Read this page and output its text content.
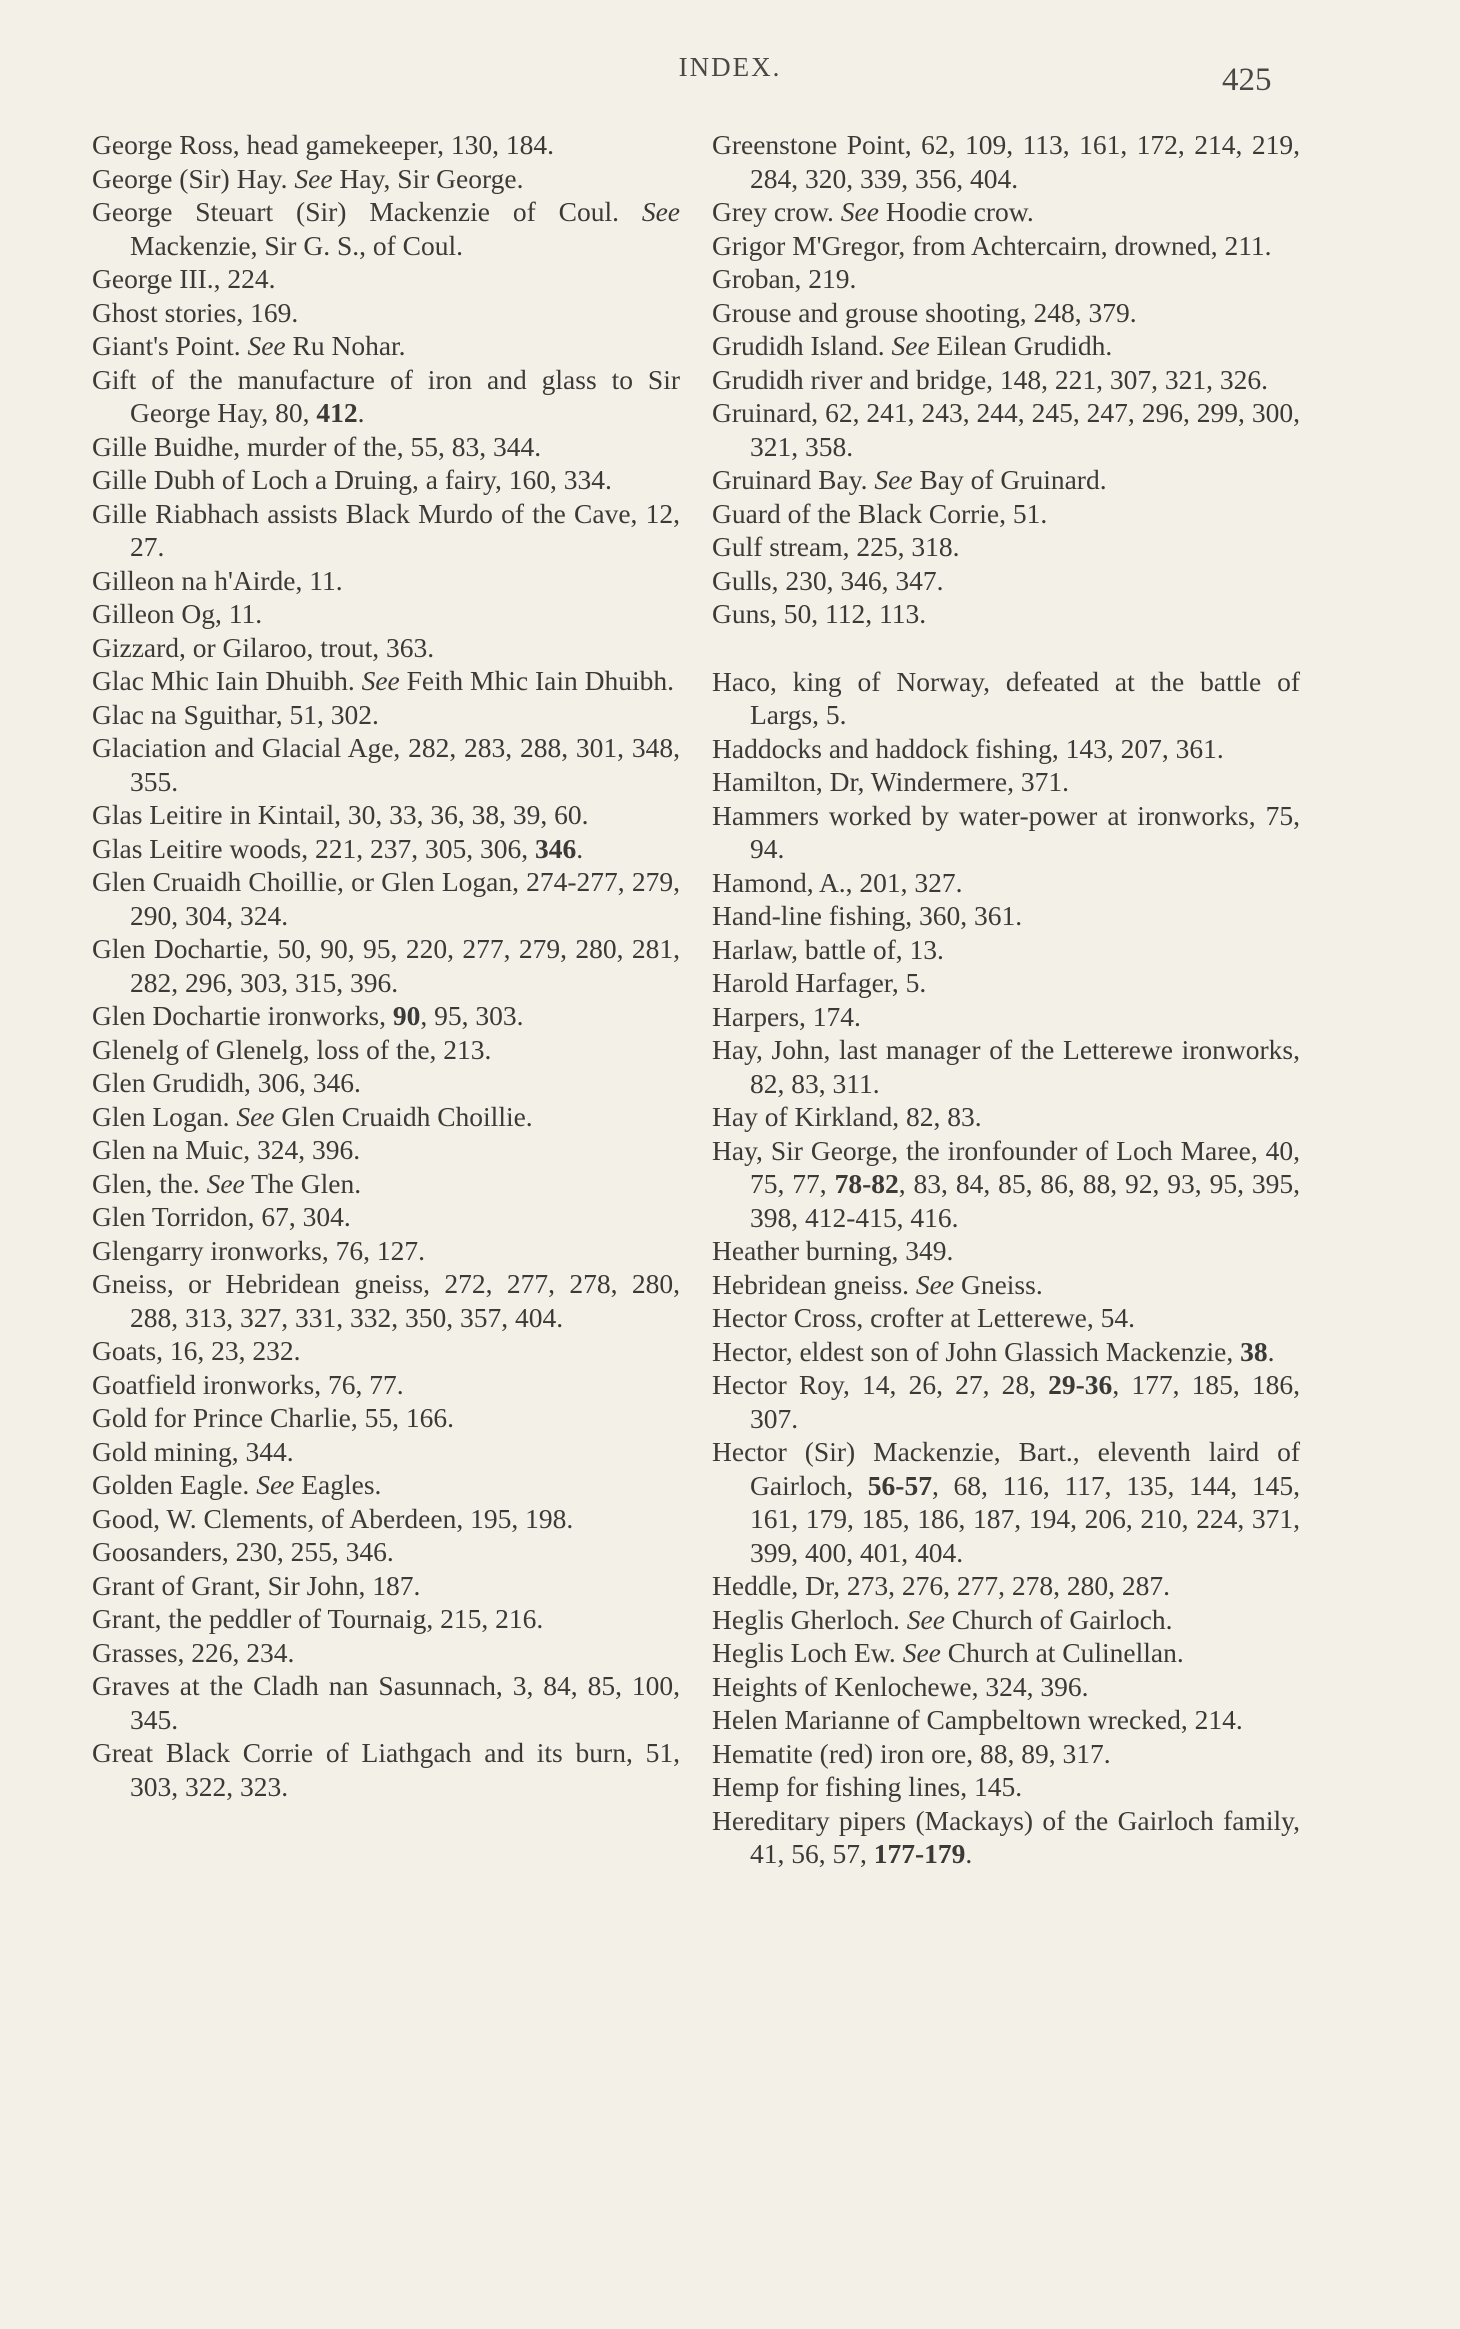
INDEX.	425
George Ross, head gamekeeper, 130, 184.
George (Sir) Hay. See Hay, Sir George.
George Steuart (Sir) Mackenzie of Coul. See Mackenzie, Sir G. S., of Coul.
George III., 224.
Ghost stories, 169.
Giant's Point. See Ru Nohar.
Gift of the manufacture of iron and glass to Sir George Hay, 80, 412.
Gille Buidhe, murder of the, 55, 83, 344.
Gille Dubh of Loch a Druing, a fairy, 160, 334.
Gille Riabhach assists Black Murdo of the Cave, 12, 27.
Gilleon na h'Airde, 11.
Gilleon Og, 11.
Gizzard, or Gilaroo, trout, 363.
Glac Mhic Iain Dhuibh. See Feith Mhic Iain Dhuibh.
Glac na Sguithar, 51, 302.
Glaciation and Glacial Age, 282, 283, 288, 301, 348, 355.
Glas Leitire in Kintail, 30, 33, 36, 38, 39, 60.
Glas Leitire woods, 221, 237, 305, 306, 346.
Glen Cruaidh Choillie, or Glen Logan, 274-277, 279, 290, 304, 324.
Glen Dochartie, 50, 90, 95, 220, 277, 279, 280, 281, 282, 296, 303, 315, 396.
Glen Dochartie ironworks, 90, 95, 303.
Glenelg of Glenelg, loss of the, 213.
Glen Grudidh, 306, 346.
Glen Logan. See Glen Cruaidh Choillie.
Glen na Muic, 324, 396.
Glen, the. See The Glen.
Glen Torridon, 67, 304.
Glengarry ironworks, 76, 127.
Gneiss, or Hebridean gneiss, 272, 277, 278, 280, 288, 313, 327, 331, 332, 350, 357, 404.
Goats, 16, 23, 232.
Goatfield ironworks, 76, 77.
Gold for Prince Charlie, 55, 166.
Gold mining, 344.
Golden Eagle. See Eagles.
Good, W. Clements, of Aberdeen, 195, 198.
Goosanders, 230, 255, 346.
Grant of Grant, Sir John, 187.
Grant, the peddler of Tournaig, 215, 216.
Grasses, 226, 234.
Graves at the Cladh nan Sasunnach, 3, 84, 85, 100, 345.
Great Black Corrie of Liathgach and its burn, 51, 303, 322, 323.
Greenstone Point, 62, 109, 113, 161, 172, 214, 219, 284, 320, 339, 356, 404.
Grey crow. See Hoodie crow.
Grigor M'Gregor, from Achtercairn, drowned, 211.
Groban, 219.
Grouse and grouse shooting, 248, 379.
Grudidh Island. See Eilean Grudidh.
Grudidh river and bridge, 148, 221, 307, 321, 326.
Gruinard, 62, 241, 243, 244, 245, 247, 296, 299, 300, 321, 358.
Gruinard Bay. See Bay of Gruinard.
Guard of the Black Corrie, 51.
Gulf stream, 225, 318.
Gulls, 230, 346, 347.
Guns, 50, 112, 113.
Haco, king of Norway, defeated at the battle of Largs, 5.
Haddocks and haddock fishing, 143, 207, 361.
Hamilton, Dr, Windermere, 371.
Hammers worked by water-power at ironworks, 75, 94.
Hamond, A., 201, 327.
Hand-line fishing, 360, 361.
Harlaw, battle of, 13.
Harold Harfager, 5.
Harpers, 174.
Hay, John, last manager of the Letterewe ironworks, 82, 83, 311.
Hay of Kirkland, 82, 83.
Hay, Sir George, the ironfounder of Loch Maree, 40, 75, 77, 78-82, 83, 84, 85, 86, 88, 92, 93, 95, 395, 398, 412-415, 416.
Heather burning, 349.
Hebridean gneiss. See Gneiss.
Hector Cross, crofter at Letterewe, 54.
Hector, eldest son of John Glassich Mackenzie, 38.
Hector Roy, 14, 26, 27, 28, 29-36, 177, 185, 186, 307.
Hector (Sir) Mackenzie, Bart., eleventh laird of Gairloch, 56-57, 68, 116, 117, 135, 144, 145, 161, 179, 185, 186, 187, 194, 206, 210, 224, 371, 399, 400, 401, 404.
Heddle, Dr, 273, 276, 277, 278, 280, 287.
Heglis Gherloch. See Church of Gairloch.
Heglis Loch Ew. See Church at Culinellan.
Heights of Kenlochewe, 324, 396.
Helen Marianne of Campbeltown wrecked, 214.
Hematite (red) iron ore, 88, 89, 317.
Hemp for fishing lines, 145.
Hereditary pipers (Mackays) of the Gairloch family, 41, 56, 57, 177-179.
